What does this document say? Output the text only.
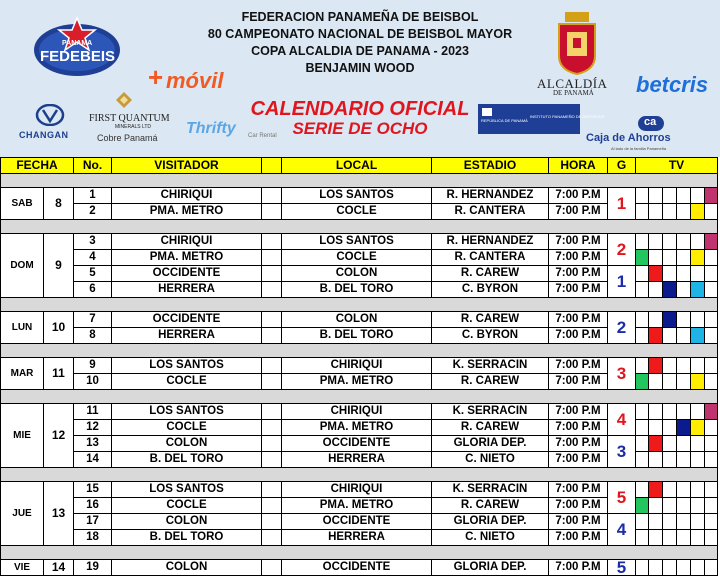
FEDERACION PANAMEÑA DE BEISBOL
80 CAMPEONATO NACIONAL DE BEISBOL MAYOR
COPA ALCALDIA DE PANAMA - 2023
BENJAMIN WOOD
CALENDARIO OFICIAL
SERIE DE OCHO
PANAMA
FEDEBEIS
+ móvil	ALCALDÍA
DE PANAMÁ betcris
CHANGAN
FIRST QUANTUM
MINERALS LTD
Cobre Panamá
Thrifty Car Rental
REPÚBLICA DE PANAMÁ
INSTITUTO PANAMEÑO DE DEPORTES	ca
Caja de Ahorros
Al lado de la familia Panameña
FECHA		No.	VISITADOR		LOCAL	ESTADIO	HORA	G	TV					

SAB	8	1	CHIRIQUI		LOS SANTOS	R. HERNANDEZ	7:00 P.M	1						
		2	PMA. METRO		COCLE	R. CANTERA	7:00 P.M							

DOM	9	3	CHIRIQUI		LOS SANTOS	R. HERNANDEZ	7:00 P.M	2						
		4	PMA. METRO		COCLE	R. CANTERA	7:00 P.M							
		5	OCCIDENTE		COLON	R. CAREW	7:00 P.M	1						
		6	HERRERA		B. DEL TORO	C. BYRON	7:00 P.M							

LUN	10	7	OCCIDENTE		COLON	R. CAREW	7:00 P.M	2						
		8	HERRERA		B. DEL TORO	C. BYRON	7:00 P.M							

MAR	11	9	LOS SANTOS		CHIRIQUI	K. SERRACIN	7:00 P.M	3						
		10	COCLE		PMA. METRO	R. CAREW	7:00 P.M							

MIE	12	11	LOS SANTOS		CHIRIQUI	K. SERRACIN	7:00 P.M	4						
		12	COCLE		PMA. METRO	R. CAREW	7:00 P.M							
		13	COLON		OCCIDENTE	GLORIA DEP.	7:00 P.M	3						
		14	B. DEL TORO		HERRERA	C. NIETO	7:00 P.M							

JUE	13	15	LOS SANTOS		CHIRIQUI	K. SERRACIN	7:00 P.M	5						
		16	COCLE		PMA. METRO	R. CAREW	7:00 P.M							
		17	COLON		OCCIDENTE	GLORIA DEP.	7:00 P.M	4						
		18	B. DEL TORO		HERRERA	C. NIETO	7:00 P.M							

VIE	14	19	COLON		OCCIDENTE	GLORIA DEP.	7:00 P.M	5						
